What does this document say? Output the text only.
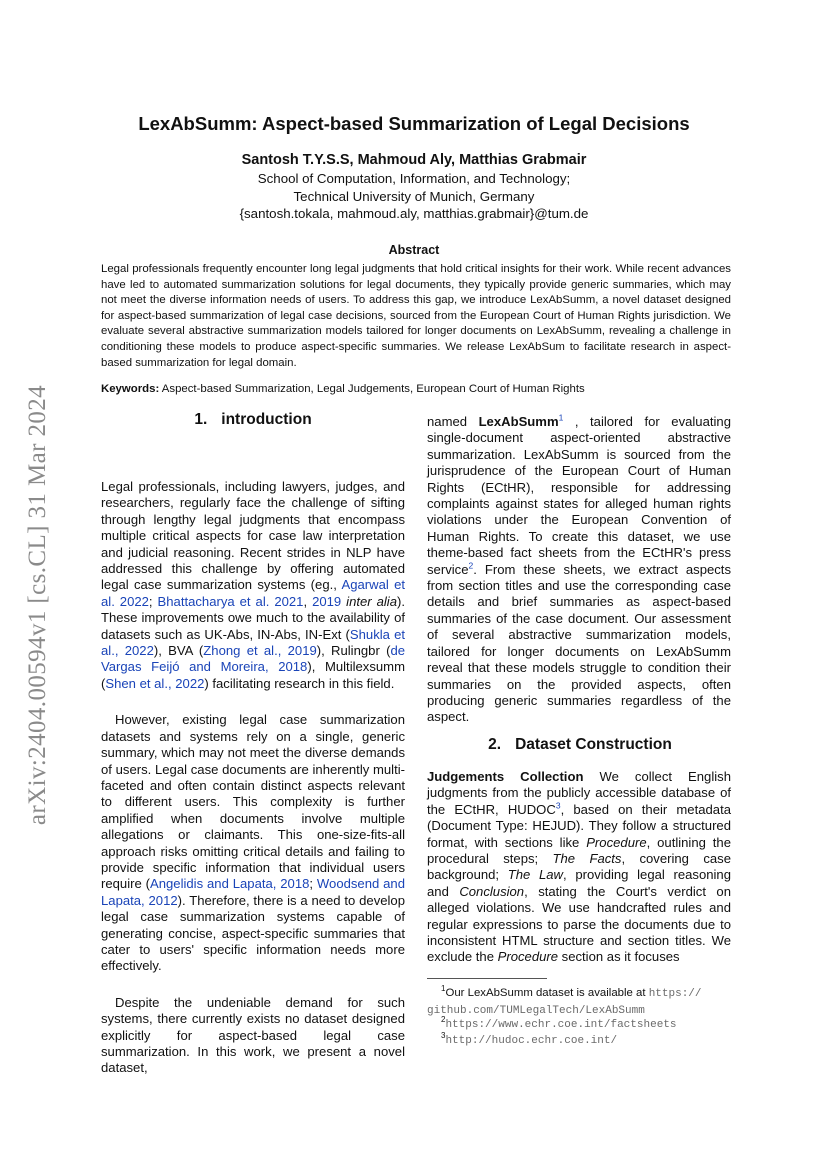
arXiv:2404.00594v1 [cs.CL] 31 Mar 2024
LexAbSumm: Aspect-based Summarization of Legal Decisions
Santosh T.Y.S.S, Mahmoud Aly, Matthias Grabmair
School of Computation, Information, and Technology;
Technical University of Munich, Germany
{santosh.tokala, mahmoud.aly, matthias.grabmair}@tum.de
Abstract
Legal professionals frequently encounter long legal judgments that hold critical insights for their work. While recent advances have led to automated summarization solutions for legal documents, they typically provide generic summaries, which may not meet the diverse information needs of users. To address this gap, we introduce LexAbSumm, a novel dataset designed for aspect-based summarization of legal case decisions, sourced from the European Court of Human Rights jurisdiction. We evaluate several abstractive summarization models tailored for longer documents on LexAbSumm, revealing a challenge in conditioning these models to produce aspect-specific summaries. We release LexAbSum to facilitate research in aspect-based summarization for legal domain.
Keywords: Aspect-based Summarization, Legal Judgements, European Court of Human Rights
1. introduction

Legal professionals, including lawyers, judges, and researchers, regularly face the challenge of sifting through lengthy legal judgments that encompass multiple critical aspects for case law interpretation and judicial reasoning. Recent strides in NLP have addressed this challenge by offering automated legal case summarization systems (eg., Agarwal et al. 2022; Bhattacharya et al. 2021, 2019 inter alia). These improvements owe much to the availability of datasets such as UK-Abs, IN-Abs, IN-Ext (Shukla et al., 2022), BVA (Zhong et al., 2019), Rulingbr (de Vargas Feijó and Moreira, 2018), Multilexsumm (Shen et al., 2022) facilitating research in this field.

However, existing legal case summarization datasets and systems rely on a single, generic summary, which may not meet the diverse demands of users. Legal case documents are inherently multi-faceted and often contain distinct aspects relevant to different users. This complexity is further amplified when documents involve multiple allegations or claimants. This one-size-fits-all approach risks omitting critical details and failing to provide specific information that individual users require (Angelidis and Lapata, 2018; Woodsend and Lapata, 2012). Therefore, there is a need to develop legal case summarization systems capable of generating concise, aspect-specific summaries that cater to users' specific information needs more effectively.

Despite the undeniable demand for such systems, there currently exists no dataset designed explicitly for aspect-based legal case summarization. In this work, we present a novel dataset,

named LexAbSumm$^1$ , tailored for evaluating single-document aspect-oriented abstractive summarization. LexAbSumm is sourced from the jurisprudence of the European Court of Human Rights (ECtHR), responsible for addressing complaints against states for alleged human rights violations under the European Convention of Human Rights. To create this dataset, we use theme-based fact sheets from the ECtHR's press service$^2$. From these sheets, we extract aspects from section titles and use the corresponding case details and brief summaries as aspect-based summaries of the case document. Our assessment of several abstractive summarization models, tailored for longer documents on LexAbSumm reveal that these models struggle to condition their summaries on the provided aspects, often producing generic summaries regardless of the aspect.

2. Dataset Construction

Judgements Collection We collect English judgments from the publicly accessible database of the ECtHR, HUDOC$^3$, based on their metadata (Document Type: HEJUD). They follow a structured format, with sections like Procedure, outlining the procedural steps; The Facts, covering case background; The Law, providing legal reasoning and Conclusion, stating the Court's verdict on alleged violations. We use handcrafted rules and regular expressions to parse the documents due to inconsistent HTML structure and section titles. We exclude the Procedure section as it focuses

$^1$Our LexAbSumm dataset is available at https://
github.com/TUMLegalTech/LexAbSumm
$^2$https://www.echr.coe.int/factsheets
$^3$http://hudoc.echr.coe.int/
